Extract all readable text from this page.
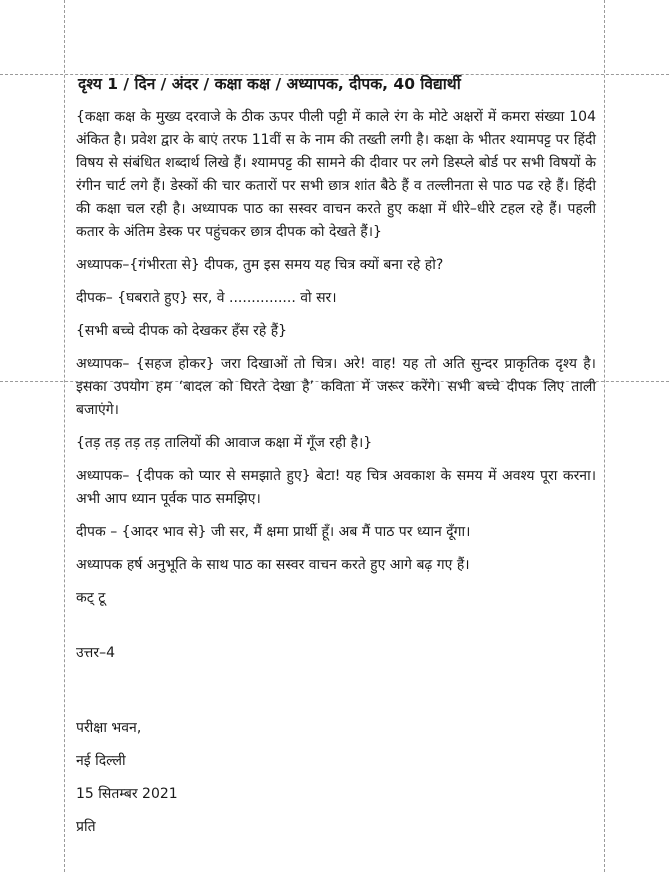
दृश्य 1 / दिन / अंदर / कक्षा कक्ष / अध्यापक, दीपक, 40 विद्यार्थी

{कक्षा कक्ष के मुख्य दरवाजे के ठीक ऊपर पीली पट्टी में काले रंग के मोटे अक्षरों में कमरा संख्या 104 अंकित है। प्रवेश द्वार के बाएं तरफ 11वीं स के नाम की तख्ती लगी है। कक्षा के भीतर श्यामपट्ट पर हिंदी विषय से संबंधित शब्दार्थ लिखे हैं। श्यामपट्ट की सामने की दीवार पर लगे डिस्प्ले बोर्ड पर सभी विषयों के रंगीन चार्ट लगे हैं। डेस्कों की चार कतारों पर सभी छात्र शांत बैठे हैं व तल्लीनता से पाठ पढ रहे हैं। हिंदी की कक्षा चल रही है। अध्यापक पाठ का सस्वर वाचन करते हुए कक्षा में धीरे–धीरे टहल रहे हैं। पहली कतार के अंतिम डेस्क पर पहुंचकर छात्र दीपक को देखते हैं।}

अध्यापक–{गंभीरता से} दीपक, तुम इस समय यह चित्र क्यों बना रहे हो?

दीपक– {घबराते हुए} सर, वे ............... वो सर।

{सभी बच्चे दीपक को देखकर हँस रहे हैं}

अध्यापक– {सहज होकर} जरा दिखाओं तो चित्र। अरे! वाह! यह तो अति सुन्दर प्राकृतिक दृश्य है। इसका उपयोग हम ‘बादल को घिरते देखा है’ कविता में जरूर करेंगे। सभी बच्चे दीपक लिए ताली बजाएंगे।

{तड़ तड़ तड़ तड़ तालियों की आवाज कक्षा में गूँज रही है।}

अध्यापक– {दीपक को प्यार से समझाते हुए} बेटा! यह चित्र अवकाश के समय में अवश्य पूरा करना। अभी आप ध्यान पूर्वक पाठ समझिए।

दीपक – {आदर भाव से} जी सर, मैं क्षमा प्रार्थी हूँ। अब मैं पाठ पर ध्यान दूँगा।

अध्यापक हर्ष अनुभूति के साथ पाठ का सस्वर वाचन करते हुए आगे बढ़ गए हैं।

कट् टू

उत्तर–4

परीक्षा भवन,

नई दिल्ली

15 सितम्बर 2021

प्रति
